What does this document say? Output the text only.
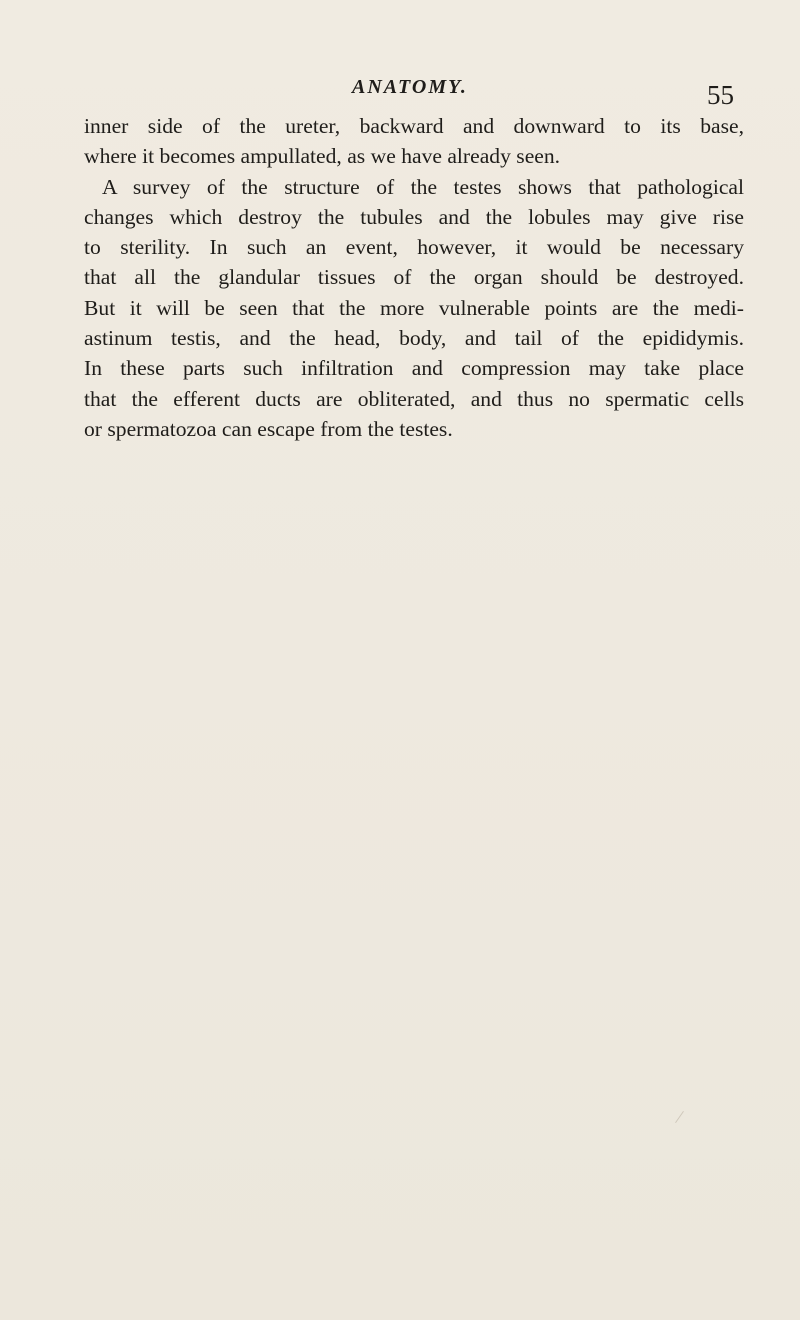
ANATOMY.	55
inner side of the ureter, backward and downward to its base,
where it becomes ampullated, as we have already seen.
A survey of the structure of the testes shows that pathological
changes which destroy the tubules and the lobules may give rise
to sterility. In such an event, however, it would be necessary
that all the glandular tissues of the organ should be destroyed.
But it will be seen that the more vulnerable points are the medi-
astinum testis, and the head, body, and tail of the epididymis.
In these parts such infiltration and compression may take place
that the efferent ducts are obliterated, and thus no spermatic cells
or spermatozoa can escape from the testes.
